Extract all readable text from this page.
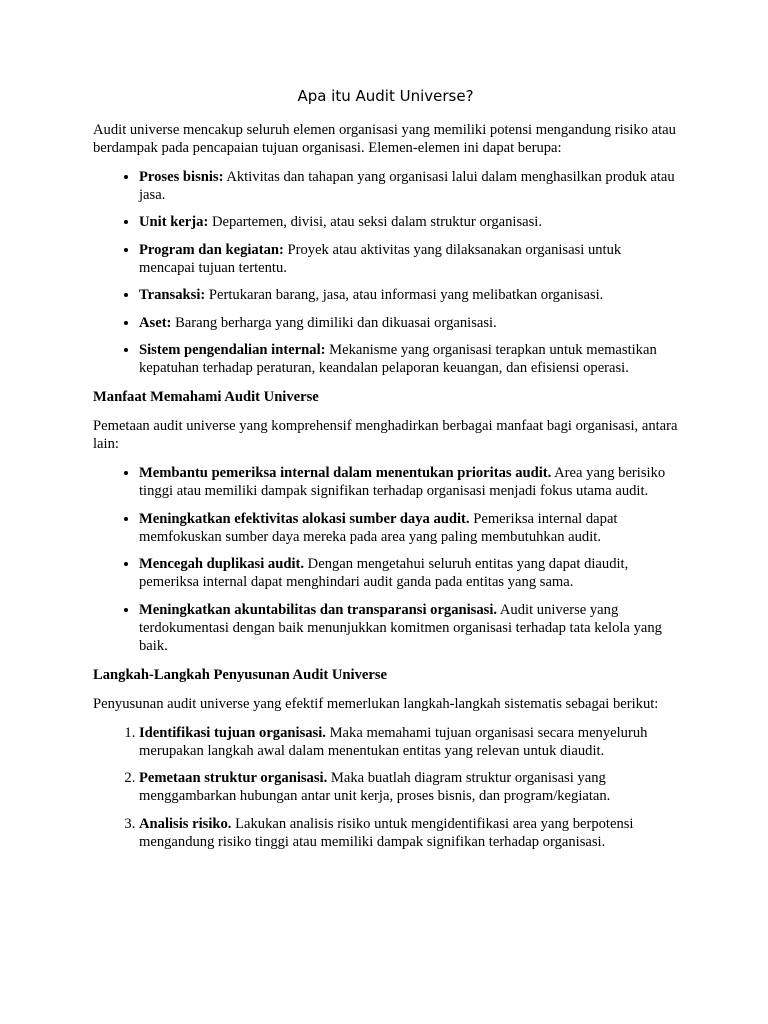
Apa itu Audit Universe?

Audit universe mencakup seluruh elemen organisasi yang memiliki potensi mengandung risiko atau berdampak pada pencapaian tujuan organisasi. Elemen-elemen ini dapat berupa:

• Proses bisnis: Aktivitas dan tahapan yang organisasi lalui dalam menghasilkan produk atau jasa.
• Unit kerja: Departemen, divisi, atau seksi dalam struktur organisasi.
• Program dan kegiatan: Proyek atau aktivitas yang dilaksanakan organisasi untuk mencapai tujuan tertentu.
• Transaksi: Pertukaran barang, jasa, atau informasi yang melibatkan organisasi.
• Aset: Barang berharga yang dimiliki dan dikuasai organisasi.
• Sistem pengendalian internal: Mekanisme yang organisasi terapkan untuk memastikan kepatuhan terhadap peraturan, keandalan pelaporan keuangan, dan efisiensi operasi.
Manfaat Memahami Audit Universe

Pemetaan audit universe yang komprehensif menghadirkan berbagai manfaat bagi organisasi, antara lain:

• Membantu pemeriksa internal dalam menentukan prioritas audit. Area yang berisiko tinggi atau memiliki dampak signifikan terhadap organisasi menjadi fokus utama audit.
• Meningkatkan efektivitas alokasi sumber daya audit. Pemeriksa internal dapat memfokuskan sumber daya mereka pada area yang paling membutuhkan audit.
• Mencegah duplikasi audit. Dengan mengetahui seluruh entitas yang dapat diaudit, pemeriksa internal dapat menghindari audit ganda pada entitas yang sama.
• Meningkatkan akuntabilitas dan transparansi organisasi. Audit universe yang terdokumentasi dengan baik menunjukkan komitmen organisasi terhadap tata kelola yang baik.
Langkah-Langkah Penyusunan Audit Universe

Penyusunan audit universe yang efektif memerlukan langkah-langkah sistematis sebagai berikut:

1. Identifikasi tujuan organisasi. Maka memahami tujuan organisasi secara menyeluruh merupakan langkah awal dalam menentukan entitas yang relevan untuk diaudit.
2. Pemetaan struktur organisasi. Maka buatlah diagram struktur organisasi yang menggambarkan hubungan antar unit kerja, proses bisnis, dan program/kegiatan.
3. Analisis risiko. Lakukan analisis risiko untuk mengidentifikasi area yang berpotensi mengandung risiko tinggi atau memiliki dampak signifikan terhadap organisasi.
